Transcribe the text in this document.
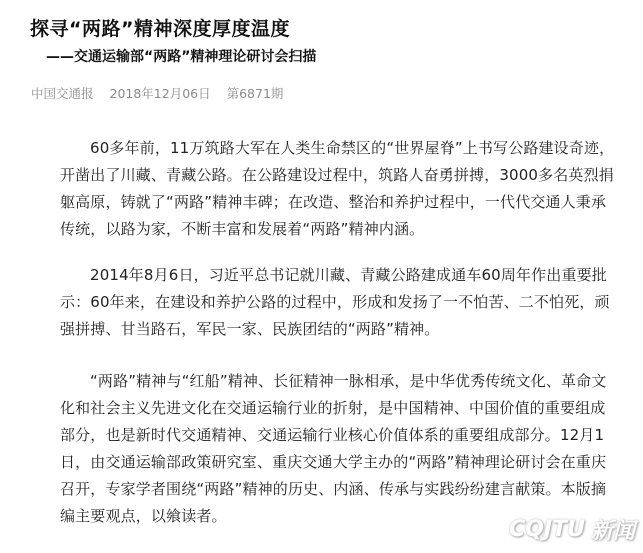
探寻“两路”精神深度厚度温度
——交通运输部“两路”精神理论研讨会扫描
中国交通报 2018年12月06日 第6871期

60多年前，11万筑路大军在人类生命禁区的“世界屋脊”上书写公路建设奇迹，开凿出了川藏、青藏公路。在公路建设过程中，筑路人奋勇拼搏，3000多名英烈捐躯高原，铸就了“两路”精神丰碑；在改造、整治和养护过程中，一代代交通人秉承传统，以路为家，不断丰富和发展着“两路”精神内涵。

2014年8月6日，习近平总书记就川藏、青藏公路建成通车60周年作出重要批示：60年来，在建设和养护公路的过程中，形成和发扬了一不怕苦、二不怕死，顽强拼搏、甘当路石，军民一家、民族团结的“两路”精神。

“两路”精神与“红船”精神、长征精神一脉相承，是中华优秀传统文化、革命文化和社会主义先进文化在交通运输行业的折射，是中国精神、中国价值的重要组成部分，也是新时代交通精神、交通运输行业核心价值体系的重要组成部分。12月1日，由交通运输部政策研究室、重庆交通大学主办的“两路”精神理论研讨会在重庆召开，专家学者围绕“两路”精神的历史、内涵、传承与实践纷纷建言献策。本版摘编主要观点，以飨读者。

CQJTU 新闻
